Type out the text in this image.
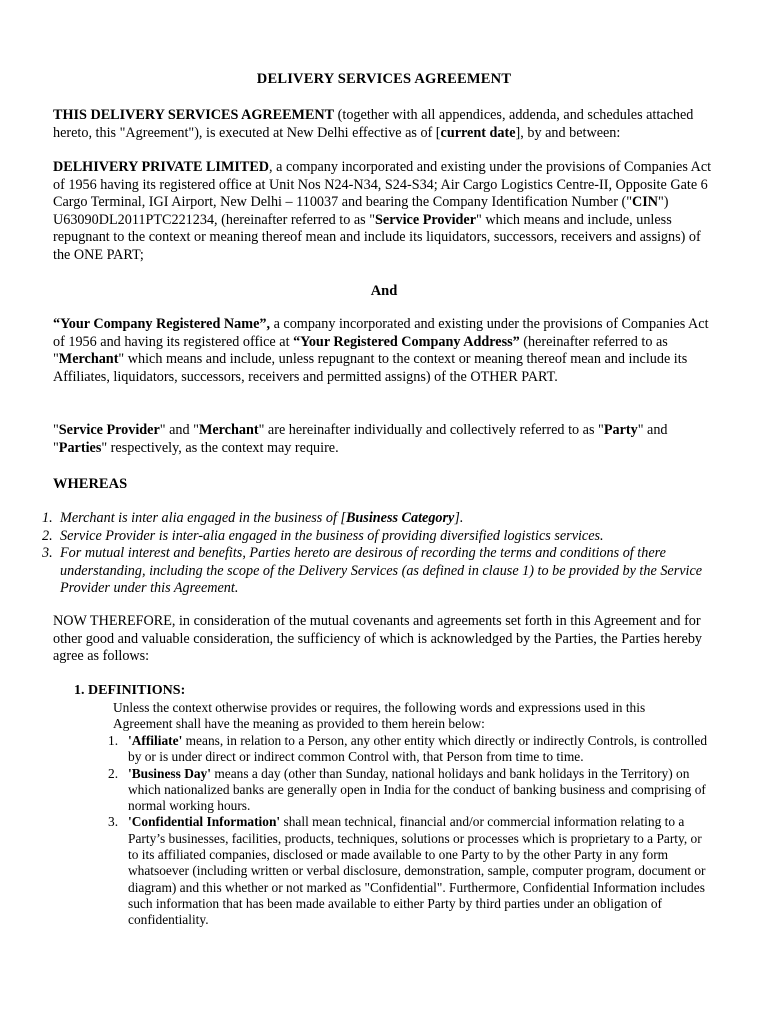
DELIVERY SERVICES AGREEMENT
THIS DELIVERY SERVICES AGREEMENT (together with all appendices, addenda, and schedules attached hereto, this "Agreement"), is executed at New Delhi effective as of [current date], by and between:
DELHIVERY PRIVATE LIMITED, a company incorporated and existing under the provisions of Companies Act of 1956 having its registered office at Unit Nos N24-N34, S24-S34; Air Cargo Logistics Centre-II, Opposite Gate 6 Cargo Terminal, IGI Airport, New Delhi – 110037 and bearing the Company Identification Number ("CIN") U63090DL2011PTC221234, (hereinafter referred to as "Service Provider" which means and include, unless repugnant to the context or meaning thereof mean and include its liquidators, successors, receivers and assigns) of the ONE PART;
And
“Your Company Registered Name”, a company incorporated and existing under the provisions of Companies Act of 1956 and having its registered office at “Your Registered Company Address” (hereinafter referred to as "Merchant" which means and include, unless repugnant to the context or meaning thereof mean and include its Affiliates, liquidators, successors, receivers and permitted assigns) of the OTHER PART.
"Service Provider" and "Merchant" are hereinafter individually and collectively referred to as "Party" and "Parties" respectively, as the context may require.
WHEREAS
1. Merchant is inter alia engaged in the business of [Business Category].
2. Service Provider is inter-alia engaged in the business of providing diversified logistics services.
3. For mutual interest and benefits, Parties hereto are desirous of recording the terms and conditions of there understanding, including the scope of the Delivery Services (as defined in clause 1) to be provided by the Service Provider under this Agreement.
NOW THEREFORE, in consideration of the mutual covenants and agreements set forth in this Agreement and for other good and valuable consideration, the sufficiency of which is acknowledged by the Parties, the Parties hereby agree as follows:
1. DEFINITIONS:
Unless the context otherwise provides or requires, the following words and expressions used in this Agreement shall have the meaning as provided to them herein below:
1. 'Affiliate' means, in relation to a Person, any other entity which directly or indirectly Controls, is controlled by or is under direct or indirect common Control with, that Person from time to time.
2. 'Business Day' means a day (other than Sunday, national holidays and bank holidays in the Territory) on which nationalized banks are generally open in India for the conduct of banking business and comprising of normal working hours.
3. 'Confidential Information' shall mean technical, financial and/or commercial information relating to a Party’s businesses, facilities, products, techniques, solutions or processes which is proprietary to a Party, or to its affiliated companies, disclosed or made available to one Party to by the other Party in any form whatsoever (including written or verbal disclosure, demonstration, sample, computer program, document or diagram) and this whether or not marked as "Confidential". Furthermore, Confidential Information includes such information that has been made available to either Party by third parties under an obligation of confidentiality.
